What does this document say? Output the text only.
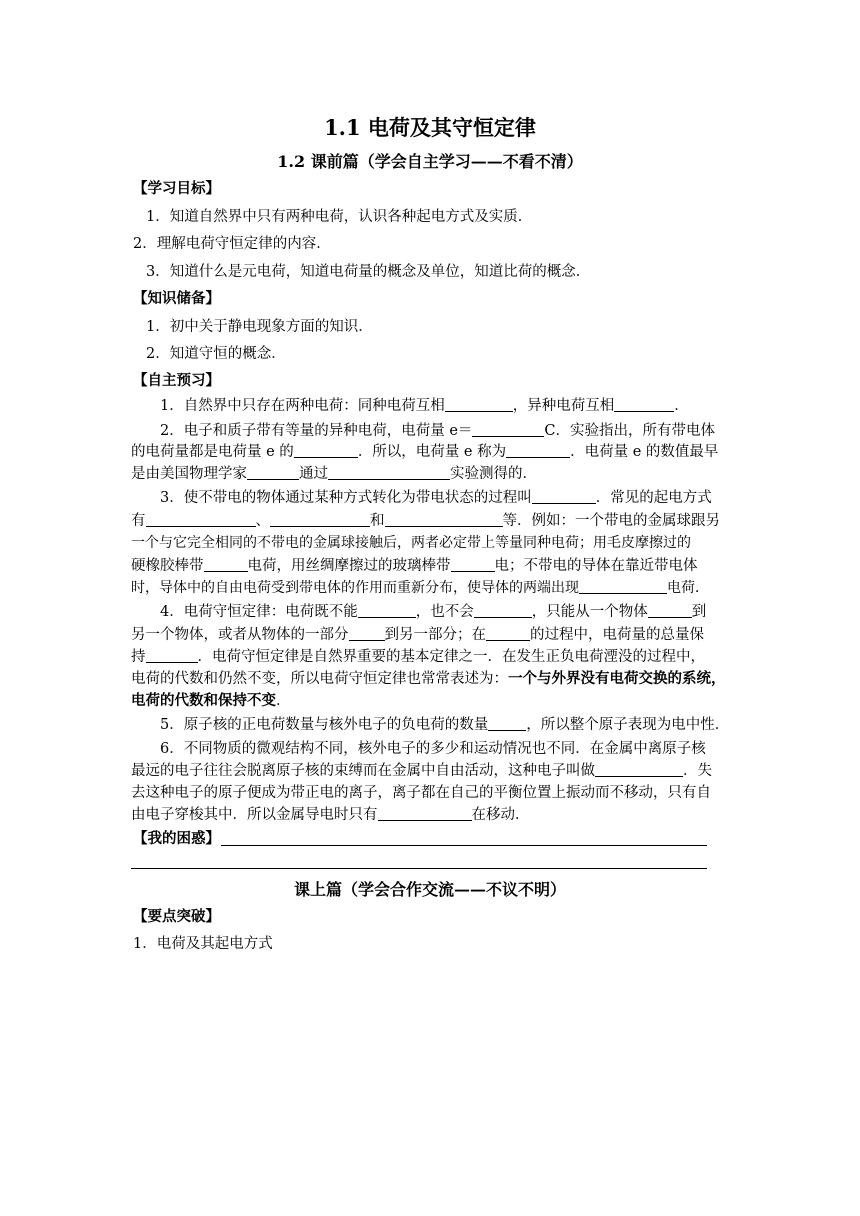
1.1 电荷及其守恒定律
1.2 课前篇（学会自主学习——不看不清）
【学习目标】
1．知道自然界中只有两种电荷，认识各种起电方式及实质．
2．理解电荷守恒定律的内容．
3．知道什么是元电荷，知道电荷量的概念及单位，知道比荷的概念．
【知识储备】
1．初中关于静电现象方面的知识．
2．知道守恒的概念．
【自主预习】
1．自然界中只存在两种电荷：同种电荷互相	，异种电荷互相	．
2．电子和质子带有等量的异种电荷，电荷量 e＝	C．实验指出，所有带电体
的电荷量都是电荷量 e 的	．所以，电荷量 e 称为	．电荷量 e 的数值最早
是由美国物理学家	通过	实验测得的．
3．使不带电的物体通过某种方式转化为带电状态的过程叫	．常见的起电方式
有	、	和	等．例如：一个带电的金属球跟另
一个与它完全相同的不带电的金属球接触后，两者必定带上等量同种电荷；用毛皮摩擦过的
硬橡胶棒带	电荷，用丝绸摩擦过的玻璃棒带	电；不带电的导体在靠近带电体
时，导体中的自由电荷受到带电体的作用而重新分布，使导体的两端出现	电荷．
4．电荷守恒定律：电荷既不能	，也不会	，只能从一个物体	到
另一个物体，或者从物体的一部分 到另一部分；在	的过程中，电荷量的总量保
持	．电荷守恒定律是自然界重要的基本定律之一．在发生正负电荷湮没的过程中，
电荷的代数和仍然不变，所以电荷守恒定律也常常表述为：一个与外界没有电荷交换的系统，
电荷的代数和保持不变．
5．原子核的正电荷数量与核外电子的负电荷的数量	，所以整个原子表现为电中性．
6．不同物质的微观结构不同，核外电子的多少和运动情况也不同．在金属中离原子核
最远的电子往往会脱离原子核的束缚而在金属中自由活动，这种电子叫做	．失
去这种电子的原子便成为带正电的离子，离子都在自己的平衡位置上振动而不移动，只有自
由电子穿梭其中．所以金属导电时只有	在移动．
【我的困惑】
课上篇（学会合作交流——不议不明）
【要点突破】
1．电荷及其起电方式
